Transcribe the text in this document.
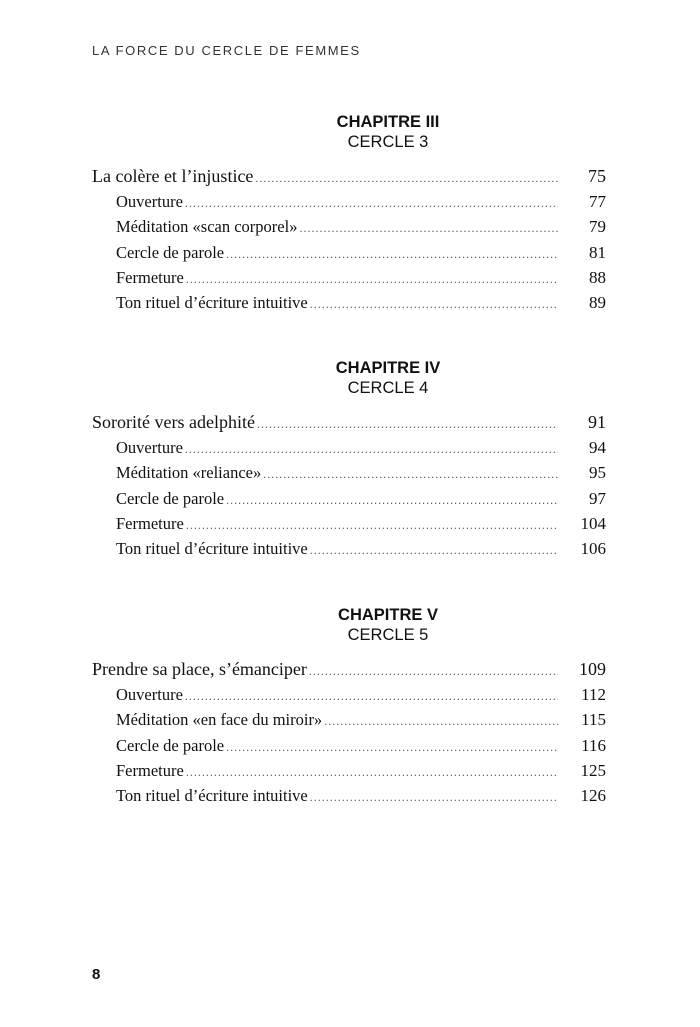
LA FORCE DU CERCLE DE FEMMES
CHAPITRE III
CERCLE 3
La colère et l’injustice .....	75
Ouverture .....	77
Méditation «scan corporel» .....	79
Cercle de parole .....	81
Fermeture .....	88
Ton rituel d’écriture intuitive .....	89
CHAPITRE IV
CERCLE 4
Sororité vers adelphité .....	91
Ouverture .....	94
Méditation «reliance» .....	95
Cercle de parole .....	97
Fermeture .....	104
Ton rituel d’écriture intuitive .....	106
CHAPITRE V
CERCLE 5
Prendre sa place, s’émanciper .....	109
Ouverture .....	112
Méditation «en face du miroir» .....	115
Cercle de parole .....	116
Fermeture .....	125
Ton rituel d’écriture intuitive .....	126
8
